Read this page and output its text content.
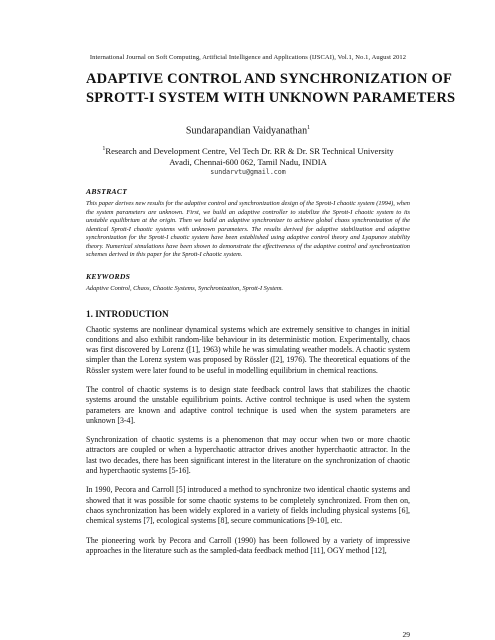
International Journal on Soft Computing, Artificial Intelligence and Applications (IJSCAI), Vol.1, No.1, August 2012
ADAPTIVE CONTROL AND SYNCHRONIZATION OF
SPROTT-I SYSTEM WITH UNKNOWN PARAMETERS
Sundarapandian Vaidyanathan$^1$
$^1$Research and Development Centre, Vel Tech Dr. RR & Dr. SR Technical University
Avadi, Chennai-600 062, Tamil Nadu, INDIA
sundarvtu@gmail.com
ABSTRACT
This paper derives new results for the adaptive control and synchronization design of the Sprott-I chaotic system (1994), when the system parameters are unknown. First, we build an adaptive controller to stabilize the Sprott-I chaotic system to its unstable equilibrium at the origin. Then we build an adaptive synchronizer to achieve global chaos synchronization of the identical Sprott-I chaotic systems with unknown parameters. The results derived for adaptive stabilization and adaptive synchronization for the Sprott-I chaotic system have been established using adaptive control theory and Lyapunov stability theory. Numerical simulations have been shown to demonstrate the effectiveness of the adaptive control and synchronization schemes derived in this paper for the Sprott-I chaotic system.
KEYWORDS
Adaptive Control, Chaos, Chaotic Systems, Synchronization, Sprott-I System.
1. INTRODUCTION

Chaotic systems are nonlinear dynamical systems which are extremely sensitive to changes in initial conditions and also exhibit random-like behaviour in its deterministic motion. Experimentally, chaos was first discovered by Lorenz ([1], 1963) while he was simulating weather models. A chaotic system simpler than the Lorenz system was proposed by Rössler ([2], 1976). The theoretical equations of the Rössler system were later found to be useful in modelling equilibrium in chemical reactions.

The control of chaotic systems is to design state feedback control laws that stabilizes the chaotic systems around the unstable equilibrium points. Active control technique is used when the system parameters are known and adaptive control technique is used when the system parameters are unknown [3-4].

Synchronization of chaotic systems is a phenomenon that may occur when two or more chaotic attractors are coupled or when a hyperchaotic attractor drives another hyperchaotic attractor. In the last two decades, there has been significant interest in the literature on the synchronization of chaotic and hyperchaotic systems [5-16].

In 1990, Pecora and Carroll [5] introduced a method to synchronize two identical chaotic systems and showed that it was possible for some chaotic systems to be completely synchronized. From then on, chaos synchronization has been widely explored in a variety of fields including physical systems [6], chemical systems [7], ecological systems [8], secure communications [9-10], etc.

The pioneering work by Pecora and Carroll (1990) has been followed by a variety of impressive approaches in the literature such as the sampled-data feedback method [11], OGY method [12],

29
